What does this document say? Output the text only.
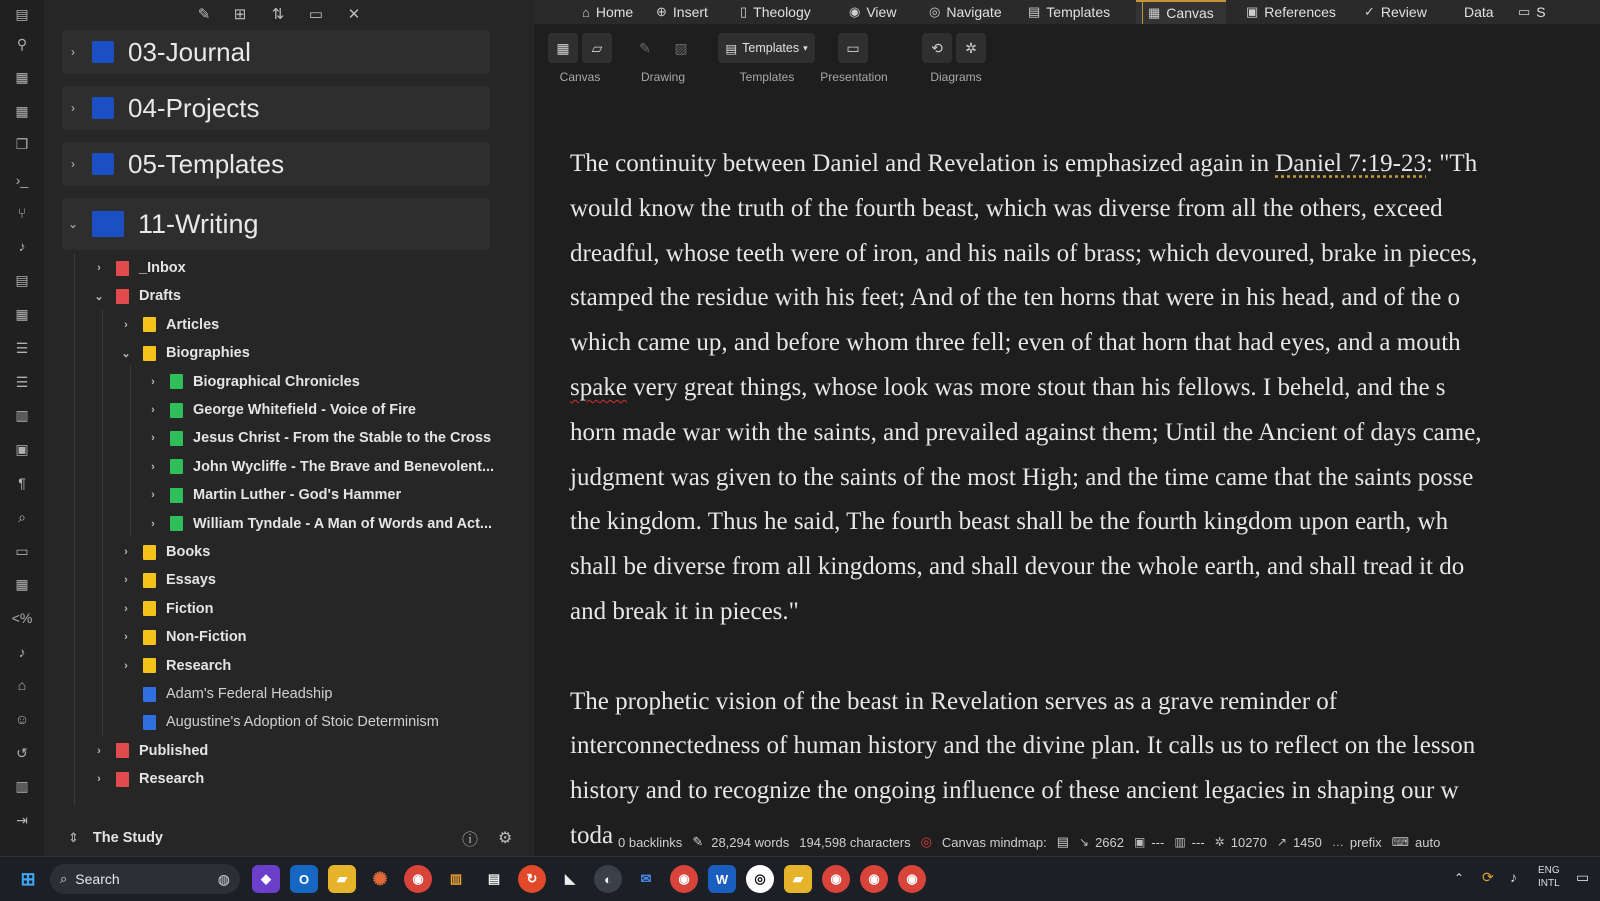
▤
⚲
▦
▦
❐
›_
⑂
♪
▤
▦
☰
☰
▥
▣
¶
⌕
▭
▦
<%
♪
⌂
☺
↺
▥
⇥
✎ ⊞ ⇅ ▭ ✕
›	03-Journal
›	04-Projects
›	05-Templates
⌄ 11-Writing
›	_Inbox
⌄ Drafts
›	Articles
⌄ Biographies
›	Biographical Chronicles
›	George Whitefield - Voice of Fire
›	Jesus Christ - From the Stable to the Cross
›	John Wycliffe - The Brave and Benevolent...
›	Martin Luther - God's Hammer
›	William Tyndale - A Man of Words and Act...
›	Books
›	Essays
›	Fiction
›	Non-Fiction
›	Research
Adam's Federal Headship
Augustine's Adoption of Stoic Determinism
›	Published
›	Research
⇕ The Study	ⓘ ⚙
⌂ Home ⊕ Insert ▯ Theology	◉ View	◎ Navigate ▤ Templates	▦ Canvas ▣ References ✓ Review	Data ▭ S
▦	▱
Canvas
✎	▨
Drawing
▤ Templates ▾
Templates
▭
Presentation
⟲	✲
Diagrams

The continuity between Daniel and Revelation is emphasized again in Daniel 7:19-23: "Th

would know the truth of the fourth beast, which was diverse from all the others, exceed

dreadful, whose teeth were of iron, and his nails of brass; which devoured, brake in pieces,

stamped the residue with his feet; And of the ten horns that were in his head, and of the o

which came up, and before whom three fell; even of that horn that had eyes, and a mouth

spake very great things, whose look was more stout than his fellows. I beheld, and the s

horn made war with the saints, and prevailed against them; Until the Ancient of days came,

judgment was given to the saints of the most High; and the time came that the saints posse

the kingdom. Thus he said, The fourth beast shall be the fourth kingdom upon earth, wh

shall be diverse from all kingdoms, and shall devour the whole earth, and shall tread it do

and break it in pieces."

The prophetic vision of the beast in Revelation serves as a grave reminder of

interconnectedness of human history and the divine plan. It calls us to reflect on the lesson

history and to recognize the ongoing influence of these ancient legacies in shaping our w

toda 0 backlinks ✎ 28,294 words 194,598 characters ◎ Canvas mindmap: ▤ ↘ 2662 ▣ --- ▥ --- ✲ 10270 ↗ 1450 … prefix ⌨ auto
⊞	⌕ Search	◍	◆	O	▰	✺	◉	▥	▤	↻	◣	◐	✉	◉	W	◎	▰	◉	◉	◉	⌃ ⟳ ♪ ENG
INTL ▭
